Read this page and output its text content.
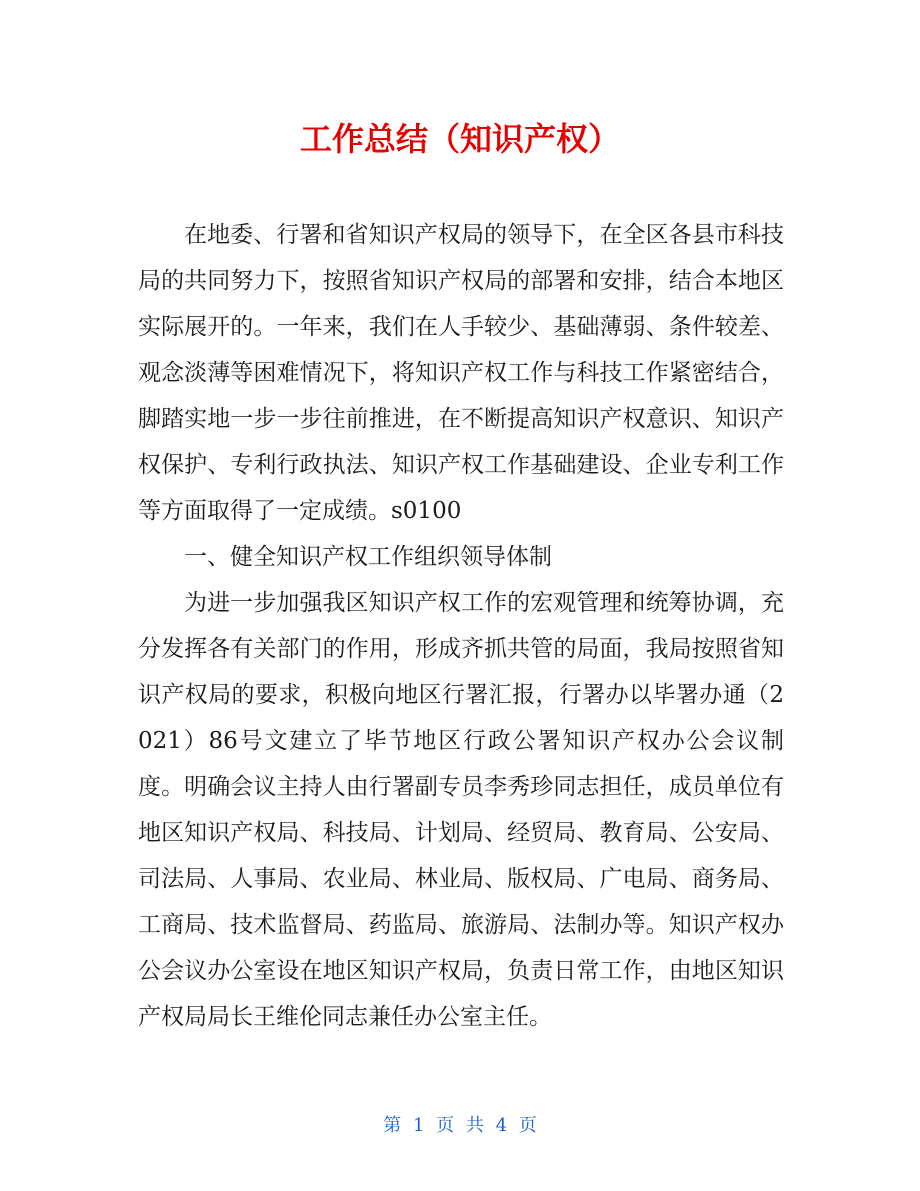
工作总结（知识产权）

在地委、行署和省知识产权局的领导下，在全区各县市科技局的共同努力下，按照省知识产权局的部署和安排，结合本地区实际展开的。一年来，我们在人手较少、基础薄弱、条件较差、观念淡薄等困难情况下，将知识产权工作与科技工作紧密结合，脚踏实地一步一步往前推进，在不断提高知识产权意识、知识产权保护、专利行政执法、知识产权工作基础建设、企业专利工作等方面取得了一定成绩。s0100

一、健全知识产权工作组织领导体制

为进一步加强我区知识产权工作的宏观管理和统筹协调，充分发挥各有关部门的作用，形成齐抓共管的局面，我局按照省知识产权局的要求，积极向地区行署汇报，行署办以毕署办通（2021）86号文建立了毕节地区行政公署知识产权办公会议制度。明确会议主持人由行署副专员李秀珍同志担任，成员单位有地区知识产权局、科技局、计划局、经贸局、教育局、公安局、司法局、人事局、农业局、林业局、版权局、广电局、商务局、工商局、技术监督局、药监局、旅游局、法制办等。知识产权办公会议办公室设在地区知识产权局，负责日常工作，由地区知识产权局局长王维伦同志兼任办公室主任。

第 1 页 共 4 页
